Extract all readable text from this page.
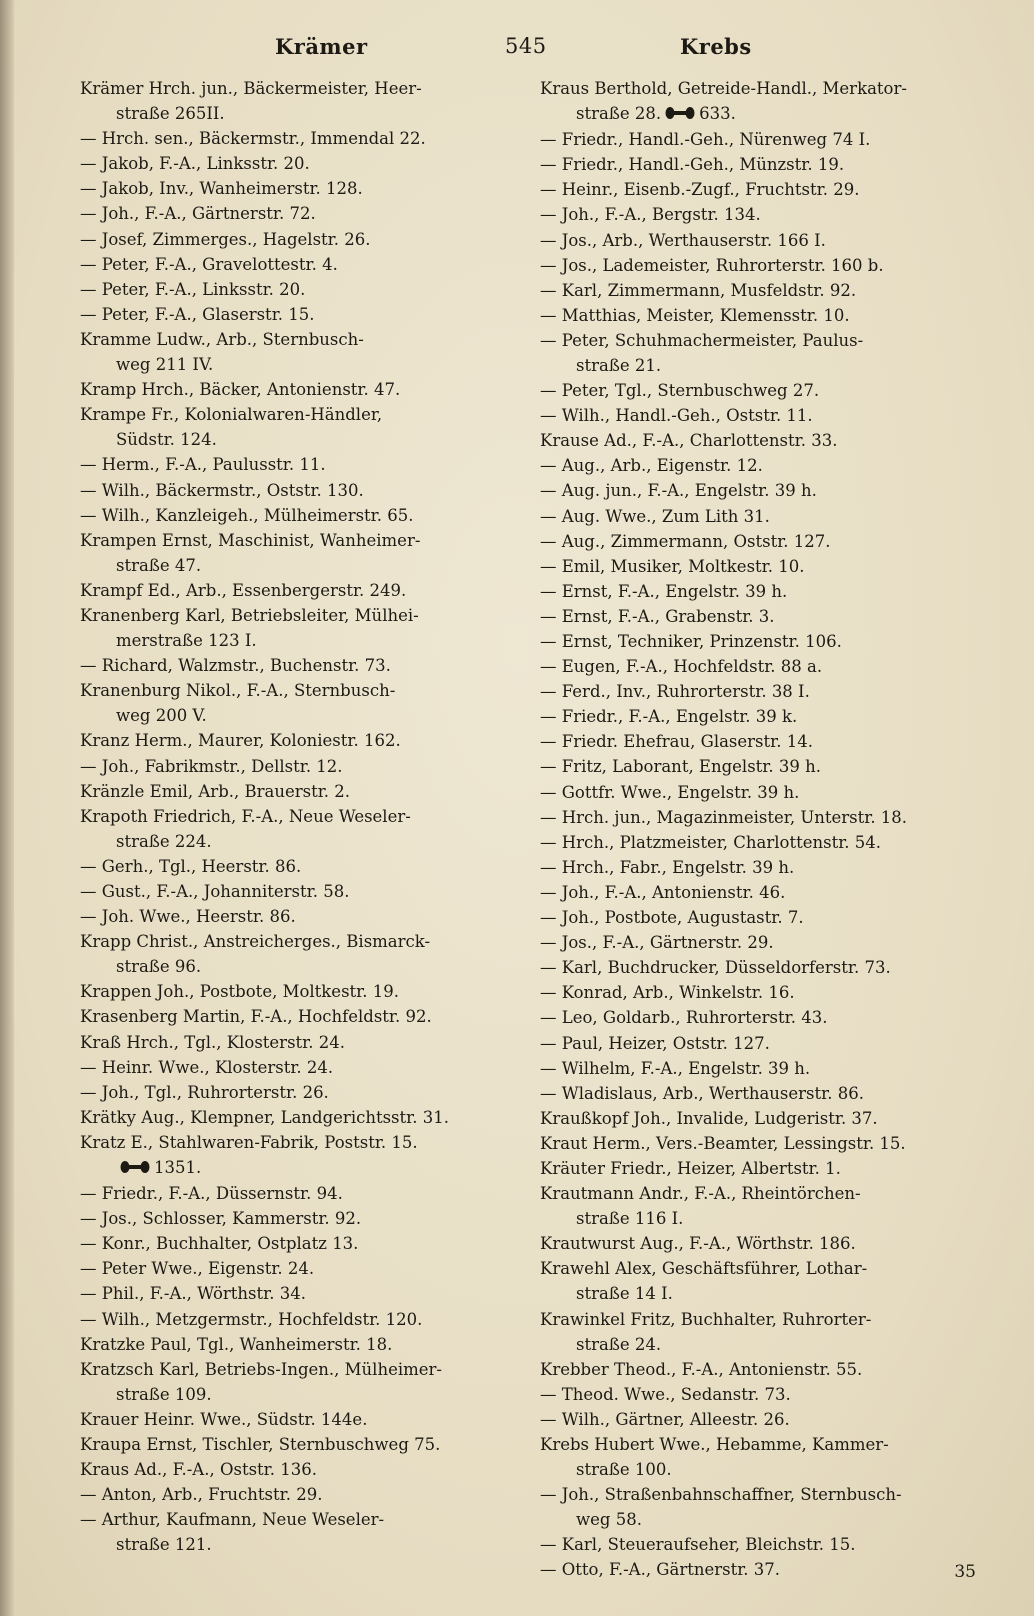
Krämer	545	Krebs
Krämer Hrch. jun., Bäckermeister, Heer-
straße 265II.
— Hrch. sen., Bäckermstr., Immendal 22.
— Jakob, F.-A., Linksstr. 20.
— Jakob, Inv., Wanheimerstr. 128.
— Joh., F.-A., Gärtnerstr. 72.
— Josef, Zimmerges., Hagelstr. 26.
— Peter, F.-A., Gravelottestr. 4.
— Peter, F.-A., Linksstr. 20.
— Peter, F.-A., Glaserstr. 15.
Kramme Ludw., Arb., Sternbusch-
weg 211 IV.
Kramp Hrch., Bäcker, Antonienstr. 47.
Krampe Fr., Kolonialwaren-Händler,
Südstr. 124.
— Herm., F.-A., Paulusstr. 11.
— Wilh., Bäckermstr., Oststr. 130.
— Wilh., Kanzleigeh., Mülheimerstr. 65.
Krampen Ernst, Maschinist, Wanheimer-
straße 47.
Krampf Ed., Arb., Essenbergerstr. 249.
Kranenberg Karl, Betriebsleiter, Mülhei-
merstraße 123 I.
— Richard, Walzmstr., Buchenstr. 73.
Kranenburg Nikol., F.-A., Sternbusch-
weg 200 V.
Kranz Herm., Maurer, Koloniestr. 162.
— Joh., Fabrikmstr., Dellstr. 12.
Kränzle Emil, Arb., Brauerstr. 2.
Krapoth Friedrich, F.-A., Neue Weseler-
straße 224.
— Gerh., Tgl., Heerstr. 86.
— Gust., F.-A., Johanniterstr. 58.
— Joh. Wwe., Heerstr. 86.
Krapp Christ., Anstreicherges., Bismarck-
straße 96.
Krappen Joh., Postbote, Moltkestr. 19.
Krasenberg Martin, F.-A., Hochfeldstr. 92.
Kraß Hrch., Tgl., Klosterstr. 24.
— Heinr. Wwe., Klosterstr. 24.
— Joh., Tgl., Ruhrorterstr. 26.
Krätky Aug., Klempner, Landgerichtsstr. 31.
Kratz E., Stahlwaren-Fabrik, Poststr. 15.
1351.
— Friedr., F.-A., Düssernstr. 94.
— Jos., Schlosser, Kammerstr. 92.
— Konr., Buchhalter, Ostplatz 13.
— Peter Wwe., Eigenstr. 24.
— Phil., F.-A., Wörthstr. 34.
— Wilh., Metzgermstr., Hochfeldstr. 120.
Kratzke Paul, Tgl., Wanheimerstr. 18.
Kratzsch Karl, Betriebs-Ingen., Mülheimer-
straße 109.
Krauer Heinr. Wwe., Südstr. 144e.
Kraupa Ernst, Tischler, Sternbuschweg 75.
Kraus Ad., F.-A., Oststr. 136.
— Anton, Arb., Fruchtstr. 29.
— Arthur, Kaufmann, Neue Weseler-
straße 121.
Kraus Berthold, Getreide-Handl., Merkator-
straße 28. 633.
— Friedr., Handl.-Geh., Nürenweg 74 I.
— Friedr., Handl.-Geh., Münzstr. 19.
— Heinr., Eisenb.-Zugf., Fruchtstr. 29.
— Joh., F.-A., Bergstr. 134.
— Jos., Arb., Werthauserstr. 166 I.
— Jos., Lademeister, Ruhrorterstr. 160 b.
— Karl, Zimmermann, Musfeldstr. 92.
— Matthias, Meister, Klemensstr. 10.
— Peter, Schuhmachermeister, Paulus-
straße 21.
— Peter, Tgl., Sternbuschweg 27.
— Wilh., Handl.-Geh., Oststr. 11.
Krause Ad., F.-A., Charlottenstr. 33.
— Aug., Arb., Eigenstr. 12.
— Aug. jun., F.-A., Engelstr. 39 h.
— Aug. Wwe., Zum Lith 31.
— Aug., Zimmermann, Oststr. 127.
— Emil, Musiker, Moltkestr. 10.
— Ernst, F.-A., Engelstr. 39 h.
— Ernst, F.-A., Grabenstr. 3.
— Ernst, Techniker, Prinzenstr. 106.
— Eugen, F.-A., Hochfeldstr. 88 a.
— Ferd., Inv., Ruhrorterstr. 38 I.
— Friedr., F.-A., Engelstr. 39 k.
— Friedr. Ehefrau, Glaserstr. 14.
— Fritz, Laborant, Engelstr. 39 h.
— Gottfr. Wwe., Engelstr. 39 h.
— Hrch. jun., Magazinmeister, Unterstr. 18.
— Hrch., Platzmeister, Charlottenstr. 54.
— Hrch., Fabr., Engelstr. 39 h.
— Joh., F.-A., Antonienstr. 46.
— Joh., Postbote, Augustastr. 7.
— Jos., F.-A., Gärtnerstr. 29.
— Karl, Buchdrucker, Düsseldorferstr. 73.
— Konrad, Arb., Winkelstr. 16.
— Leo, Goldarb., Ruhrorterstr. 43.
— Paul, Heizer, Oststr. 127.
— Wilhelm, F.-A., Engelstr. 39 h.
— Wladislaus, Arb., Werthauserstr. 86.
Kraußkopf Joh., Invalide, Ludgeristr. 37.
Kraut Herm., Vers.-Beamter, Lessingstr. 15.
Kräuter Friedr., Heizer, Albertstr. 1.
Krautmann Andr., F.-A., Rheintörchen-
straße 116 I.
Krautwurst Aug., F.-A., Wörthstr. 186.
Krawehl Alex, Geschäftsführer, Lothar-
straße 14 I.
Krawinkel Fritz, Buchhalter, Ruhrorter-
straße 24.
Krebber Theod., F.-A., Antonienstr. 55.
— Theod. Wwe., Sedanstr. 73.
— Wilh., Gärtner, Alleestr. 26.
Krebs Hubert Wwe., Hebamme, Kammer-
straße 100.
— Joh., Straßenbahnschaffner, Sternbusch-
weg 58.
— Karl, Steueraufseher, Bleichstr. 15.
— Otto, F.-A., Gärtnerstr. 37.	35
